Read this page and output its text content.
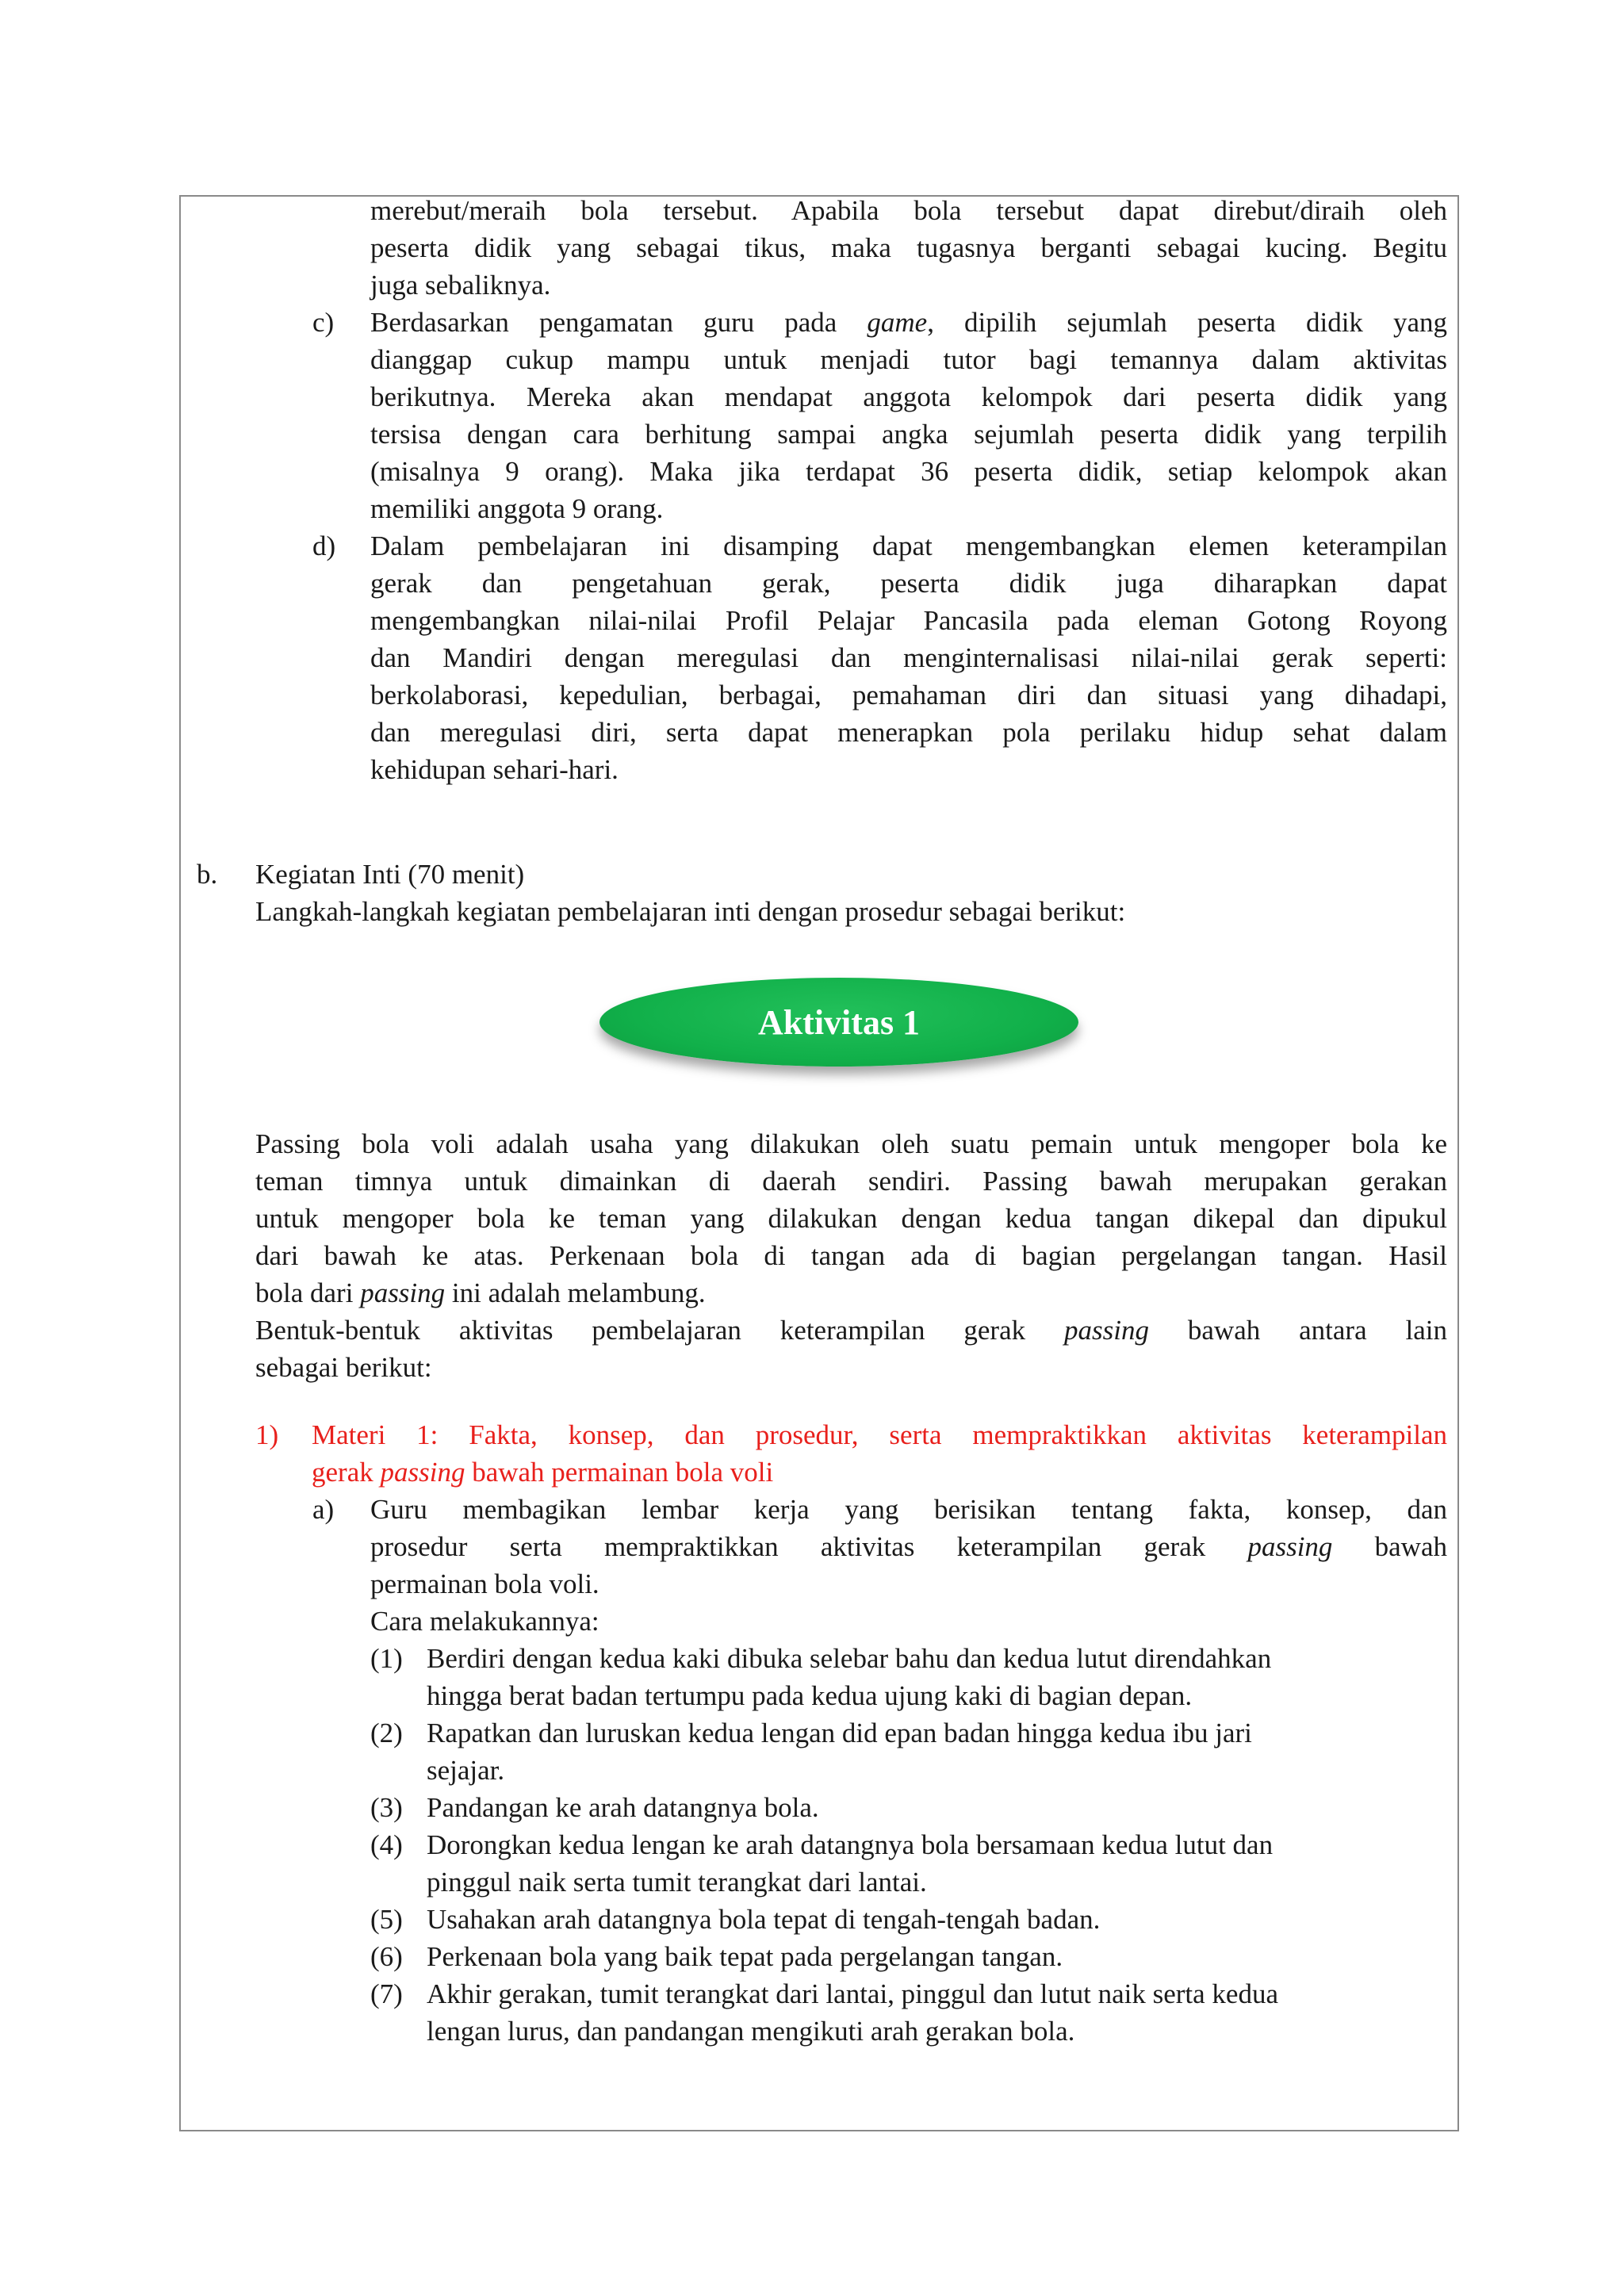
merebut/meraih bola tersebut. Apabila bola tersebut dapat direbut/diraih oleh
peserta didik yang sebagai tikus, maka tugasnya berganti sebagai kucing. Begitu
juga sebaliknya.
c) Berdasarkan pengamatan guru pada game, dipilih sejumlah peserta didik yang
dianggap cukup mampu untuk menjadi tutor bagi temannya dalam aktivitas
berikutnya. Mereka akan mendapat anggota kelompok dari peserta didik yang
tersisa dengan cara berhitung sampai angka sejumlah peserta didik yang terpilih
(misalnya 9 orang). Maka jika terdapat 36 peserta didik, setiap kelompok akan
memiliki anggota 9 orang.
d) Dalam pembelajaran ini disamping dapat mengembangkan elemen keterampilan
gerak dan pengetahuan gerak, peserta didik juga diharapkan dapat
mengembangkan nilai-nilai Profil Pelajar Pancasila pada eleman Gotong Royong
dan Mandiri dengan meregulasi dan menginternalisasi nilai-nilai gerak seperti:
berkolaborasi, kepedulian, berbagai, pemahaman diri dan situasi yang dihadapi,
dan meregulasi diri, serta dapat menerapkan pola perilaku hidup sehat dalam
kehidupan sehari-hari.
b. Kegiatan Inti (70 menit)
Langkah-langkah kegiatan pembelajaran inti dengan prosedur sebagai berikut:
Aktivitas 1
Passing bola voli adalah usaha yang dilakukan oleh suatu pemain untuk mengoper bola ke
teman timnya untuk dimainkan di daerah sendiri. Passing bawah merupakan gerakan
untuk mengoper bola ke teman yang dilakukan dengan kedua tangan dikepal dan dipukul
dari bawah ke atas. Perkenaan bola di tangan ada di bagian pergelangan tangan. Hasil
bola dari passing ini adalah melambung.
Bentuk-bentuk aktivitas pembelajaran keterampilan gerak passing bawah antara lain
sebagai berikut:
1) Materi 1: Fakta, konsep, dan prosedur, serta mempraktikkan aktivitas keterampilan
gerak passing bawah permainan bola voli
a) Guru membagikan lembar kerja yang berisikan tentang fakta, konsep, dan
prosedur serta mempraktikkan aktivitas keterampilan gerak passing bawah
permainan bola voli.
Cara melakukannya:
(1) Berdiri dengan kedua kaki dibuka selebar bahu dan kedua lutut direndahkan
hingga berat badan tertumpu pada kedua ujung kaki di bagian depan.
(2) Rapatkan dan luruskan kedua lengan did epan badan hingga kedua ibu jari
sejajar.
(3) Pandangan ke arah datangnya bola.
(4) Dorongkan kedua lengan ke arah datangnya bola bersamaan kedua lutut dan
pinggul naik serta tumit terangkat dari lantai.
(5) Usahakan arah datangnya bola tepat di tengah-tengah badan.
(6) Perkenaan bola yang baik tepat pada pergelangan tangan.
(7) Akhir gerakan, tumit terangkat dari lantai, pinggul dan lutut naik serta kedua
lengan lurus, dan pandangan mengikuti arah gerakan bola.
